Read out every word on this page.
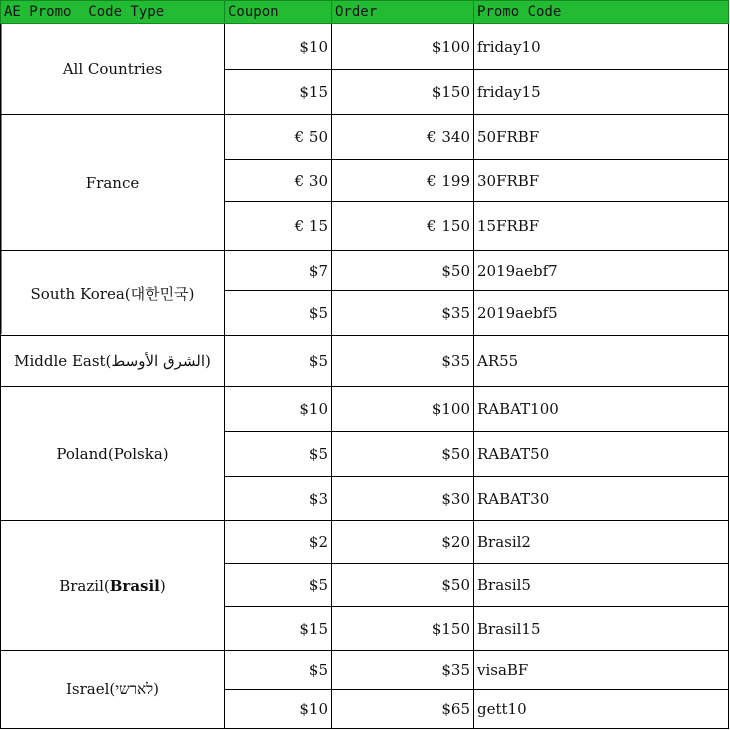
AE Promo  Code Type	Coupon	Order	Promo Code
All Countries	$10	$100	friday10
	$15	$150	friday15
France	€ 50	€ 340	50FRBF
	€ 30	€ 199	30FRBF
	€ 15	€ 150	15FRBF
South Korea(대한민국)	$7	$50	2019aebf7
	$5	$35	2019aebf5
Middle East(الشرق الأوسط)	$5	$35	AR55
Poland(Polska)	$10	$100	RABAT100
	$5	$50	RABAT50
	$3	$30	RABAT30
Brazil(Brasil)	$2	$20	Brasil2
	$5	$50	Brasil5
	$15	$150	Brasil15
Israel(לארשי)	$5	$35	visaBF
	$10	$65	gett10
